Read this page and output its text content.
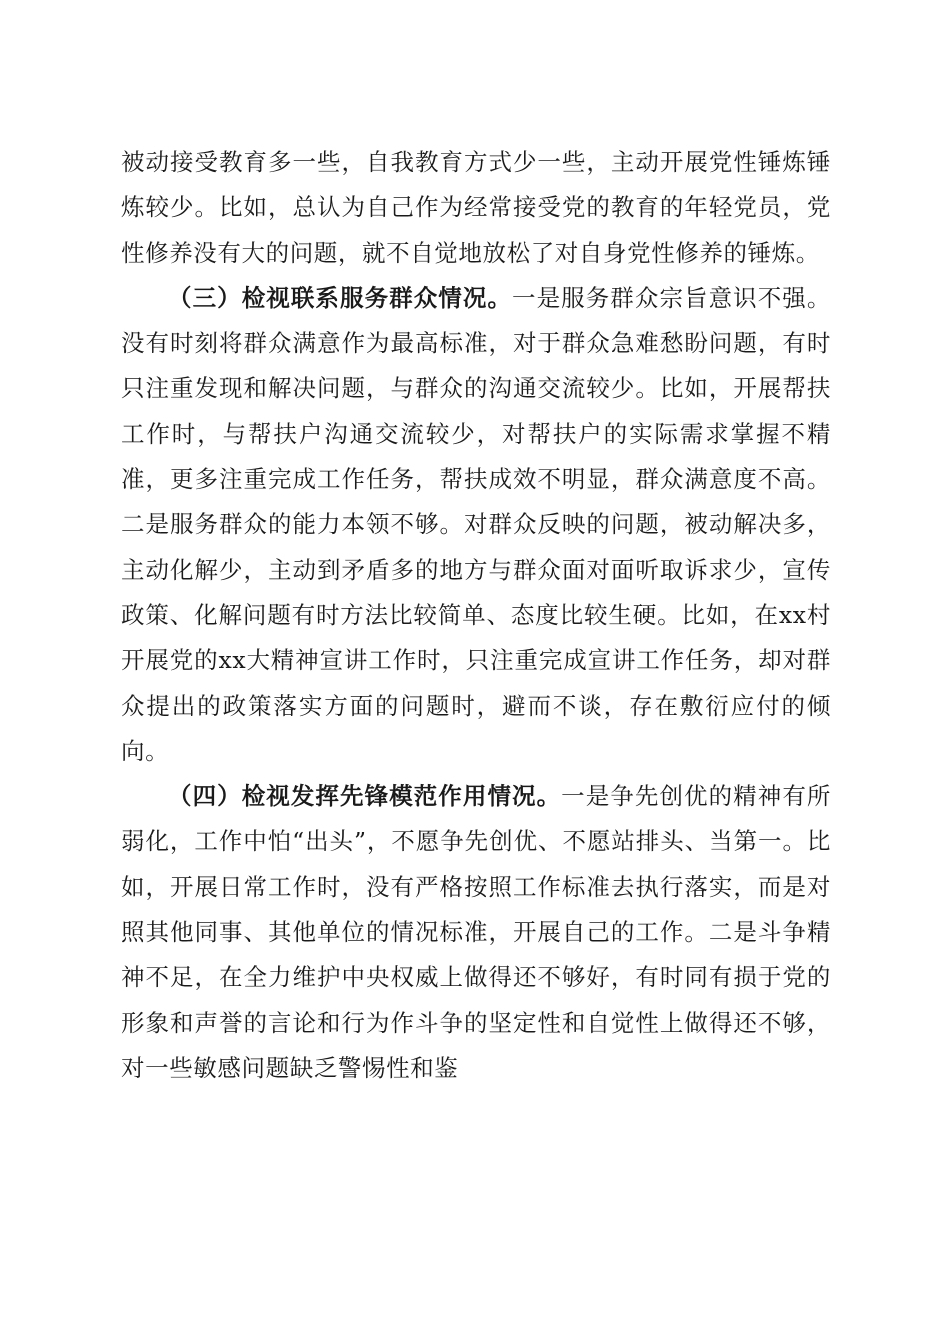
被动接受教育多一些，自我教育方式少一些，主动开展党性锤炼锤炼较少。比如，总认为自己作为经常接受党的教育的年轻党员，党性修养没有大的问题，就不自觉地放松了对自身党性修养的锤炼。

（三）检视联系服务群众情况。一是服务群众宗旨意识不强。没有时刻将群众满意作为最高标准，对于群众急难愁盼问题，有时只注重发现和解决问题，与群众的沟通交流较少。比如，开展帮扶工作时，与帮扶户沟通交流较少，对帮扶户的实际需求掌握不精准，更多注重完成工作任务，帮扶成效不明显，群众满意度不高。二是服务群众的能力本领不够。对群众反映的问题，被动解决多，主动化解少，主动到矛盾多的地方与群众面对面听取诉求少，宣传政策、化解问题有时方法比较简单、态度比较生硬。比如，在xx村开展党的xx大精神宣讲工作时，只注重完成宣讲工作任务，却对群众提出的政策落实方面的问题时，避而不谈，存在敷衍应付的倾向。

（四）检视发挥先锋模范作用情况。一是争先创优的精神有所弱化，工作中怕“出头”，不愿争先创优、不愿站排头、当第一。比如，开展日常工作时，没有严格按照工作标准去执行落实，而是对照其他同事、其他单位的情况标准，开展自己的工作。二是斗争精神不足，在全力维护中央权威上做得还不够好，有时同有损于党的形象和声誉的言论和行为作斗争的坚定性和自觉性上做得还不够，对一些敏感问题缺乏警惕性和鉴
